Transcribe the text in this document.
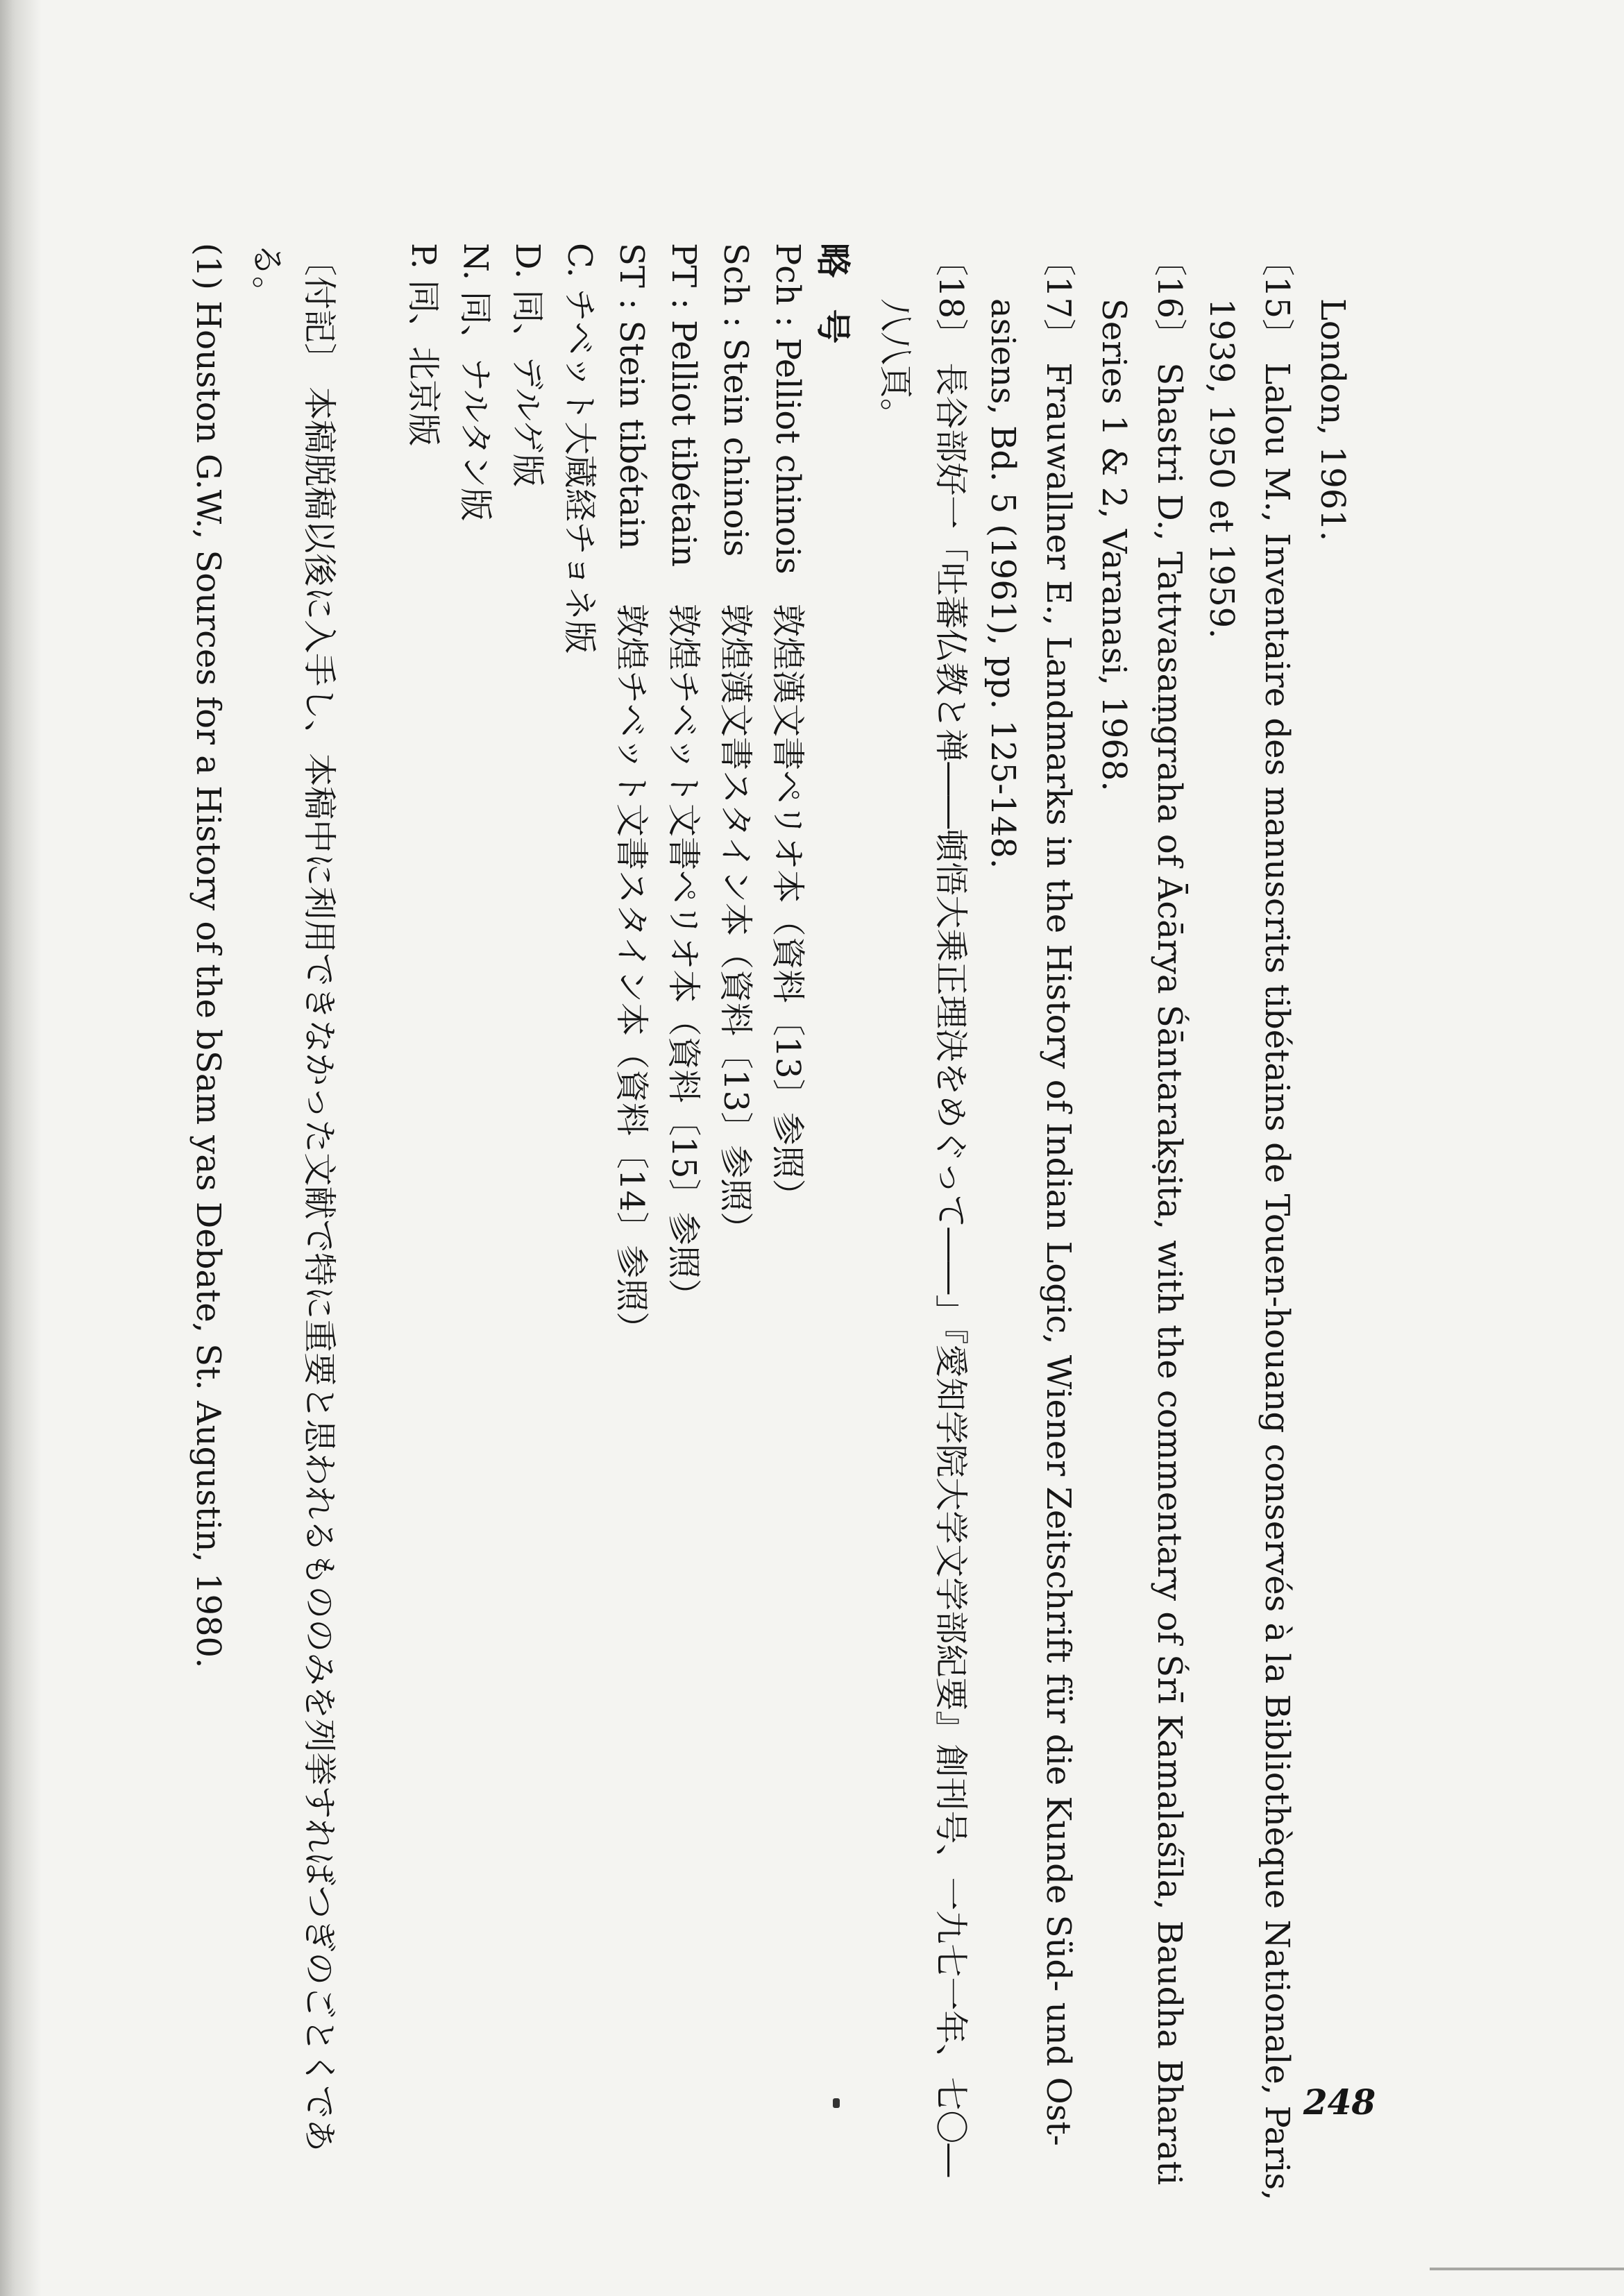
248
London, 1961.
〔15〕 Lalou M., Inventaire des manuscrits tibétains de Touen-houang conservés à la Bibliothèque Nationale, Paris,
1939, 1950 et 1959.
〔16〕 Shastri D., Tattvasaṃgraha of Ācārya Śāntarakṣita, with the commentary of Śrī Kamalaśīla, Baudha Bharati
Series 1 & 2, Varanasi, 1968.
〔17〕 Frauwallner E., Landmarks in the History of Indian Logic, Wiener Zeitschrift für die Kunde Süd- und Ost-
asiens, Bd. 5 (1961), pp. 125-148.
〔18〕 長谷部好一「吐蕃仏教と禅――頓悟大乗正理決をめぐって――」『愛知学院大学文学部紀要』創刊号、一九七一年、七〇―
八八頁。
略 号
Pch : Pelliot chinois
敦煌漢文書ペリオ本（資料〔13〕参照）
Sch : Stein chinois
敦煌漢文書スタイン本（資料〔13〕参照）
PT : Pelliot tibétain
敦煌チベット文書ペリオ本（資料〔15〕参照）
ST : Stein tibétain
敦煌チベット文書スタイン本（資料〔14〕参照）
C. チベット大蔵経チョネ版
D. 同、デルゲ版
N. 同、ナルタン版
P. 同、北京版
〔付記〕 本稿脱稿以後に入手し、本稿中に利用できなかった文献で特に重要と思われるもののみを列挙すればつぎのごとくであ
る。
(1) Houston G.W., Sources for a History of the bSam yas Debate, St. Augustin, 1980.
